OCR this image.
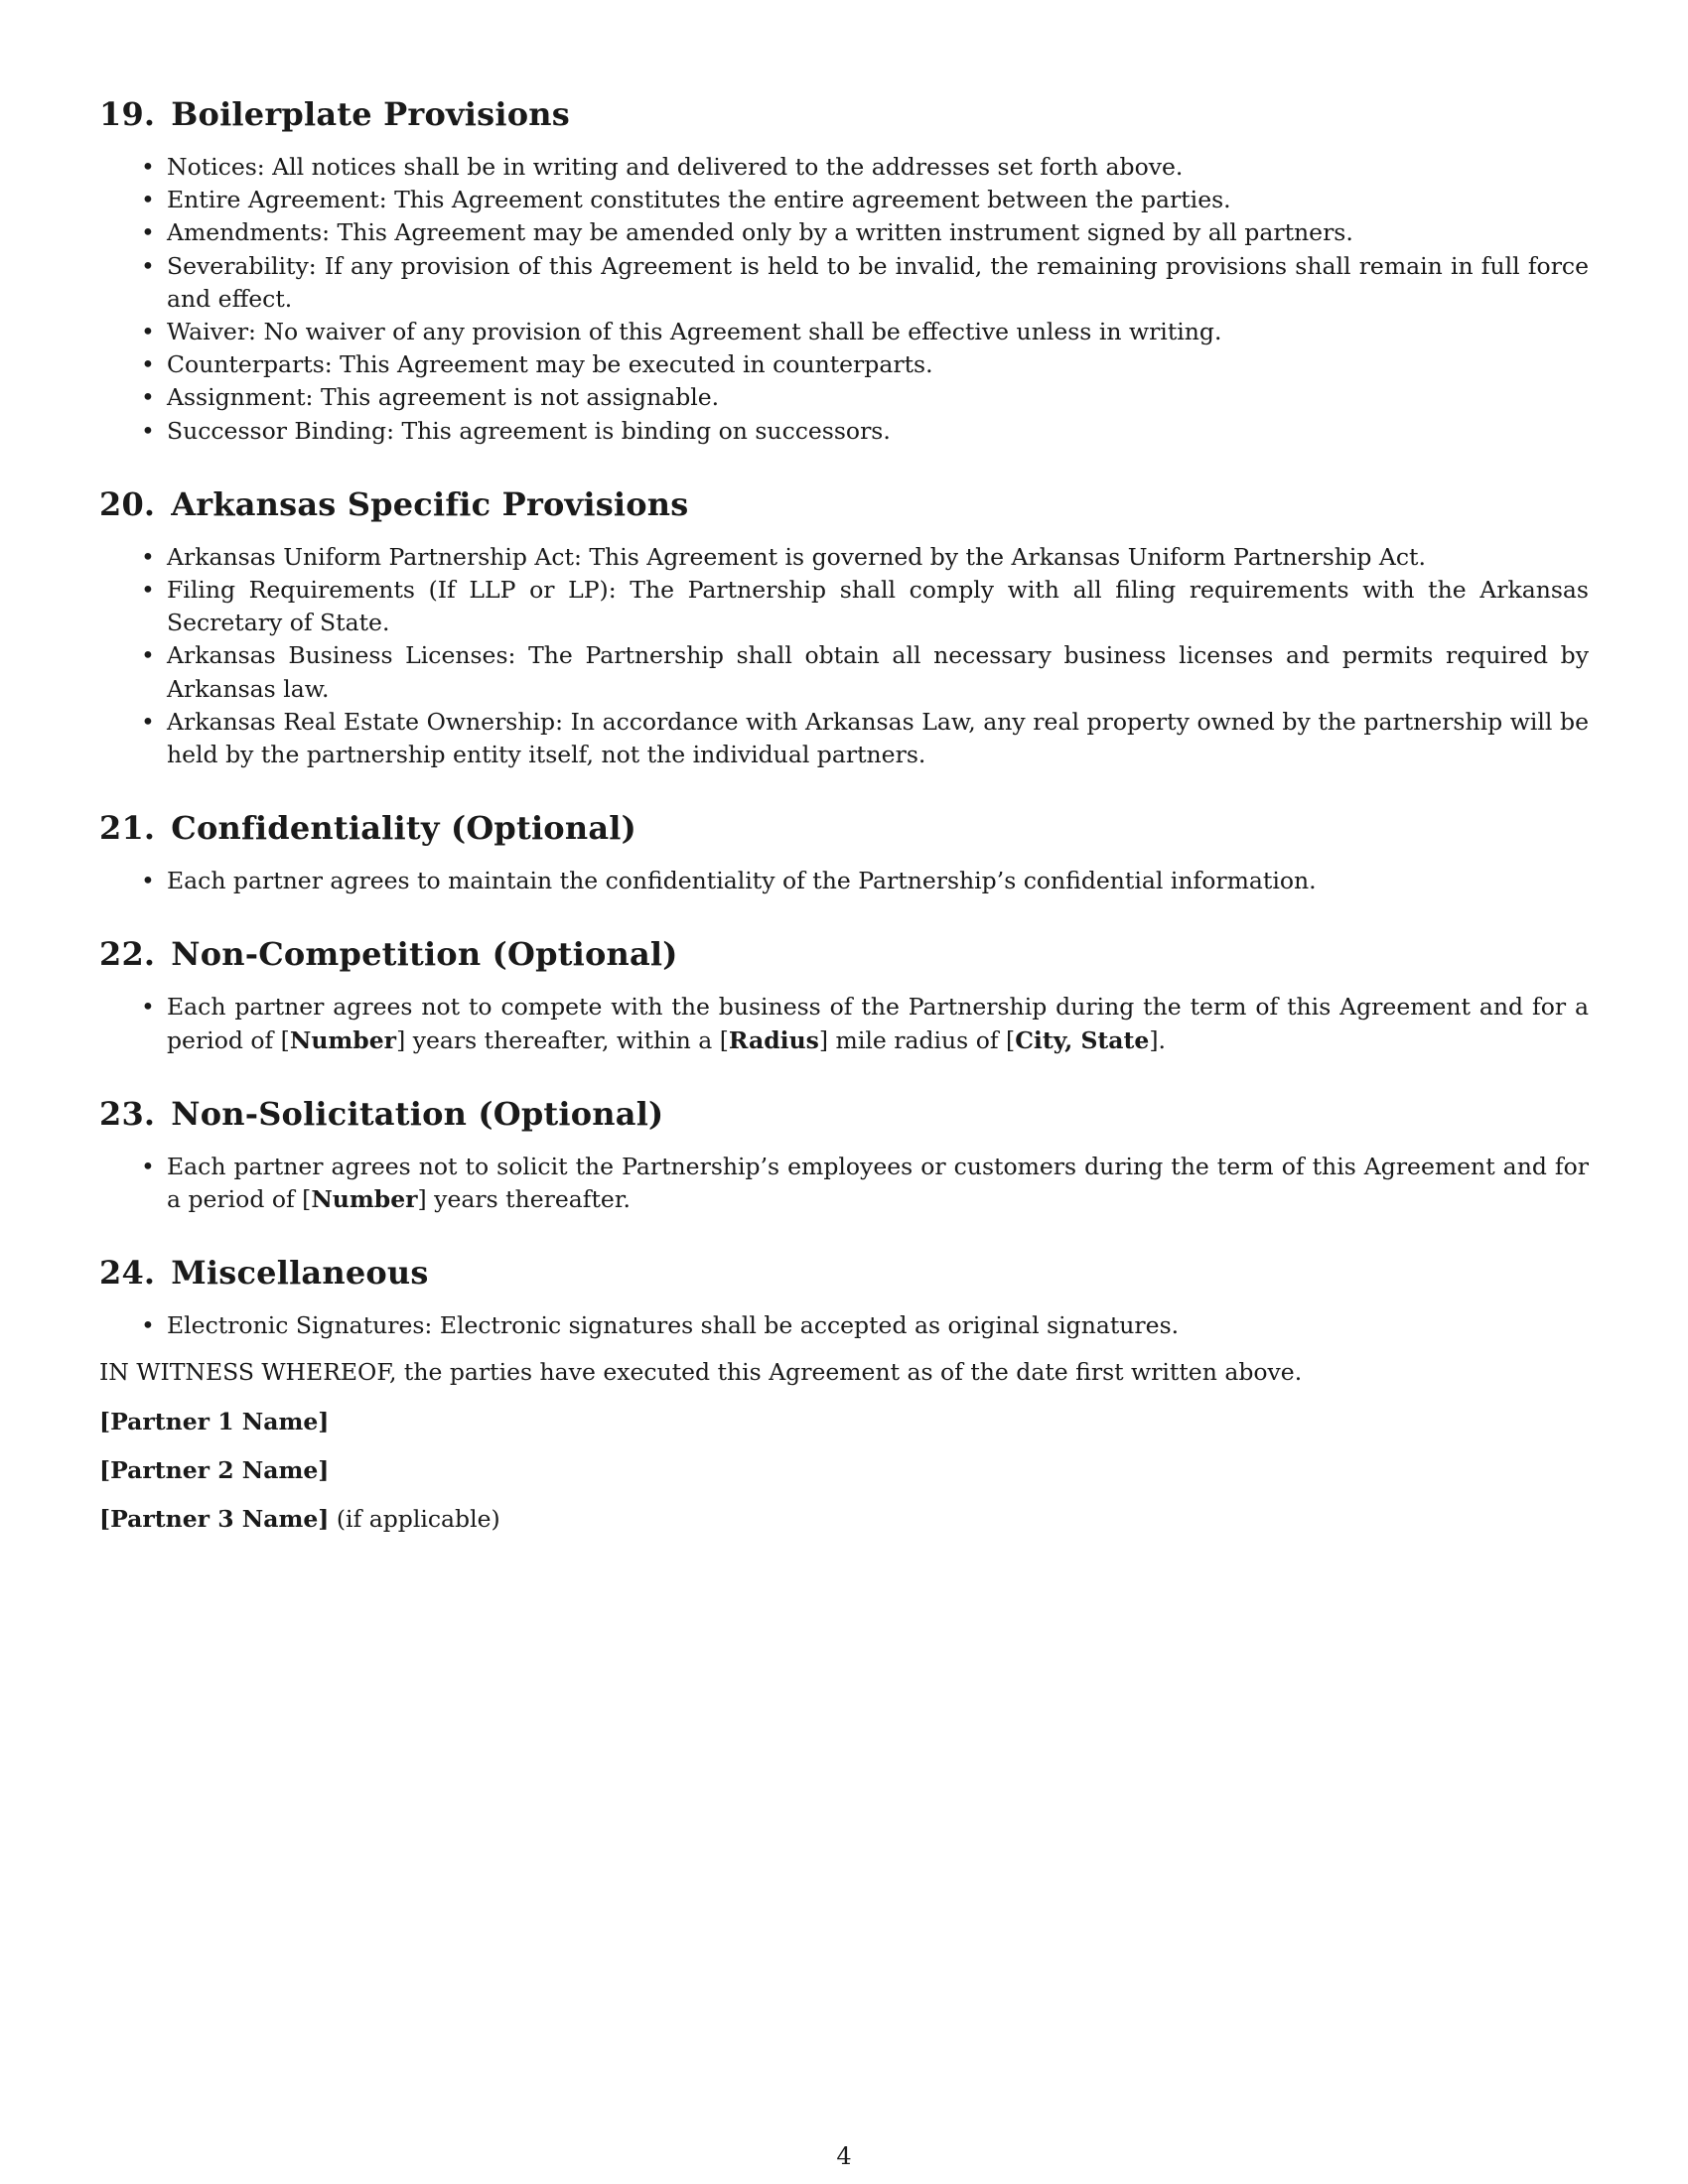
19. Boilerplate Provisions
• Notices: All notices shall be in writing and delivered to the addresses set forth above.
• Entire Agreement: This Agreement constitutes the entire agreement between the parties.
• Amendments: This Agreement may be amended only by a written instrument signed by all partners.
• Severability: If any provision of this Agreement is held to be invalid, the remaining provisions shall remain in full force and effect.
• Waiver: No waiver of any provision of this Agreement shall be effective unless in writing.
• Counterparts: This Agreement may be executed in counterparts.
• Assignment: This agreement is not assignable.
• Successor Binding: This agreement is binding on successors.
20. Arkansas Specific Provisions
• Arkansas Uniform Partnership Act: This Agreement is governed by the Arkansas Uniform Partnership Act.
• Filing Requirements (If LLP or LP): The Partnership shall comply with all filing requirements with the Arkansas Secretary of State.
• Arkansas Business Licenses: The Partnership shall obtain all necessary business licenses and permits required by Arkansas law.
• Arkansas Real Estate Ownership: In accordance with Arkansas Law, any real property owned by the partnership will be held by the partnership entity itself, not the individual partners.
21. Confidentiality (Optional)
• Each partner agrees to maintain the confidentiality of the Partnership’s confidential information.
22. Non-Competition (Optional)
• Each partner agrees not to compete with the business of the Partnership during the term of this Agreement and for a period of [Number] years thereafter, within a [Radius] mile radius of [City, State].
23. Non-Solicitation (Optional)
• Each partner agrees not to solicit the Partnership’s employees or customers during the term of this Agreement and for a period of [Number] years thereafter.
24. Miscellaneous
• Electronic Signatures: Electronic signatures shall be accepted as original signatures.

IN WITNESS WHEREOF, the parties have executed this Agreement as of the date first written above.

[Partner 1 Name]

[Partner 2 Name]

[Partner 3 Name] (if applicable)

4
